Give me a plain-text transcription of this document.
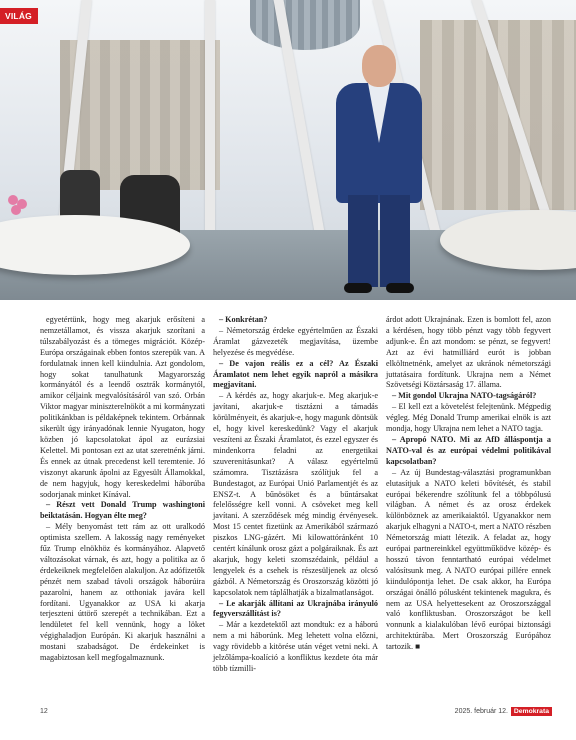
VILÁG

egyetértünk, hogy meg akarjuk erősíteni a nemzetállamot, és vissza akarjuk szorítani a túlszabályozást és a tömeges migrációt. Közép-Európa országainak ebben fontos szerepük van. A fordulatnak innen kell kiindulnia. Azt gondolom, hogy sokat tanulhatunk Magyarország kormányától és a leendő osztrák kormánytól, amikor céljaink megvalósításáról van szó. Orbán Viktor magyar miniszterelnököt a mi kormányzati politikánkban is példaképnek tekintem. Orbánnak sikerült úgy irányadónak lennie Nyugaton, hogy közben jó kapcsolatokat ápol az eurázsiai Kelettel. Mi pontosan ezt az utat szeretnénk járni. És ennek az útnak precedenst kell teremtenie. Jó viszonyt akarunk ápolni az Egyesült Államokkal, de nem hagyjuk, hogy kereskedelmi háborúba sodorjanak minket Kínával.

– Részt vett Donald Trump washingtoni beiktatásán. Hogyan élte meg?

– Mély benyomást tett rám az ott uralkodó optimista szellem. A lakosság nagy reményeket fűz Trump elnökhöz és kormányához. Alapvető változásokat várnak, és azt, hogy a politika az ő érdekeiknek megfelelően alakuljon. Az adófizetők pénzét nem szabad távoli országok háborúira pazarolni, hanem az otthoniak javára kell fordítani. Ugyanakkor az USA ki akarja terjeszteni úttörő szerepét a technikában. Ezt a lendületet fel kell vennünk, hogy a löket végighaladjon Európán. Ki akarjuk használni a mostani szabadságot. De érdekeinket is magabiztosan kell megfogalmaznunk.

– Konkrétan?

– Németország érdeke egyértelműen az Északi Áramlat gázvezeték megjavítása, üzembe helyezése és megvédése.

– De vajon reális ez a cél? Az Északi Áramlatot nem lehet egyik napról a másikra megjavítani.

– A kérdés az, hogy akarjuk-e. Meg akarjuk-e javítani, akarjuk-e tisztázni a támadás körülményeit, és akarjuk-e, hogy magunk döntsük el, hogy kivel kereskedünk? Vagy el akarjuk veszíteni az Északi Áramlatot, és ezzel egyszer és mindenkorra feladni az energetikai szuverenitásunkat? A válasz egyértelmű számomra. Tisztázásra szólítjuk fel a Bundestagot, az Európai Unió Parlamentjét és az ENSZ-t. A bűnösöket és a bűntársakat felelősségre kell vonni. A csöveket meg kell javítani. A szerződések még mindig érvényesek. Most 15 centet fizetünk az Amerikából származó piszkos LNG-gázért. Mi kilowattóránként 10 centért kínálunk orosz gázt a polgáraiknak. És azt akarjuk, hogy keleti szomszédaink, például a lengyelek és a csehek is részesüljenek az olcsó gázból. A Németország és Oroszország közötti jó kapcsolatok nem táplálhatják a bizalmatlanságot.

– Le akarják állítani az Ukrajnába irányuló fegyverszállítást is?

– Már a kezdetektől azt mondtuk: ez a háború nem a mi háborúnk. Meg lehetett volna előzni, vagy rövidebb a kitörése után véget vetni neki. A jelzőlámpa-koalíció a konfliktus kezdete óta már több tízmilli-

árdot adott Ukrajnának. Ezen is bomlott fel, azon a kérdésen, hogy több pénzt vagy több fegyvert adjunk-e. Én azt mondom: se pénzt, se fegyvert! Azt az évi hatmilliárd eurót is jobban elköltnetnénk, amelyet az ukránok németországi juttatásaira fordítunk. Ukrajna nem a Német Szövetségi Köztársaság 17. állama.

– Mit gondol Ukrajna NATO-tagságáról?

– El kell ezt a követelést felejtenünk. Mégpedig végleg. Még Donald Trump amerikai elnök is azt mondja, hogy Ukrajna nem lehet a NATO tagja.

– Apropó NATO. Mi az AfD álláspontja a NATO-val és az európai védelmi politikával kapcsolatban?

– Az új Bundestag-választási programunkban elutasítjuk a NATO keleti bővítését, és stabil európai békerendre szólítunk fel a többpólusú világban. A német és az orosz érdekek különböznek az amerikaiaktól. Ugyanakkor nem akarjuk elhagyni a NATO-t, mert a NATO részben Németország miatt létezik. A feladat az, hogy európai partnereinkkel együttműködve közép- és hosszú távon fenntartható európai védelmet valósítsunk meg. A NATO európai pillére ennek kiindulópontja lehet. De csak akkor, ha Európa országai önálló pólusként tekintenek magukra, és nem az USA helyettesekent az Oroszországgal való konfliktusban. Oroszországot be kell vonnunk a kialakulóban lévő európai biztonsági architektúrába. Mert Oroszország Európához tartozik. ■

12	2025. február 12. Demokrata
